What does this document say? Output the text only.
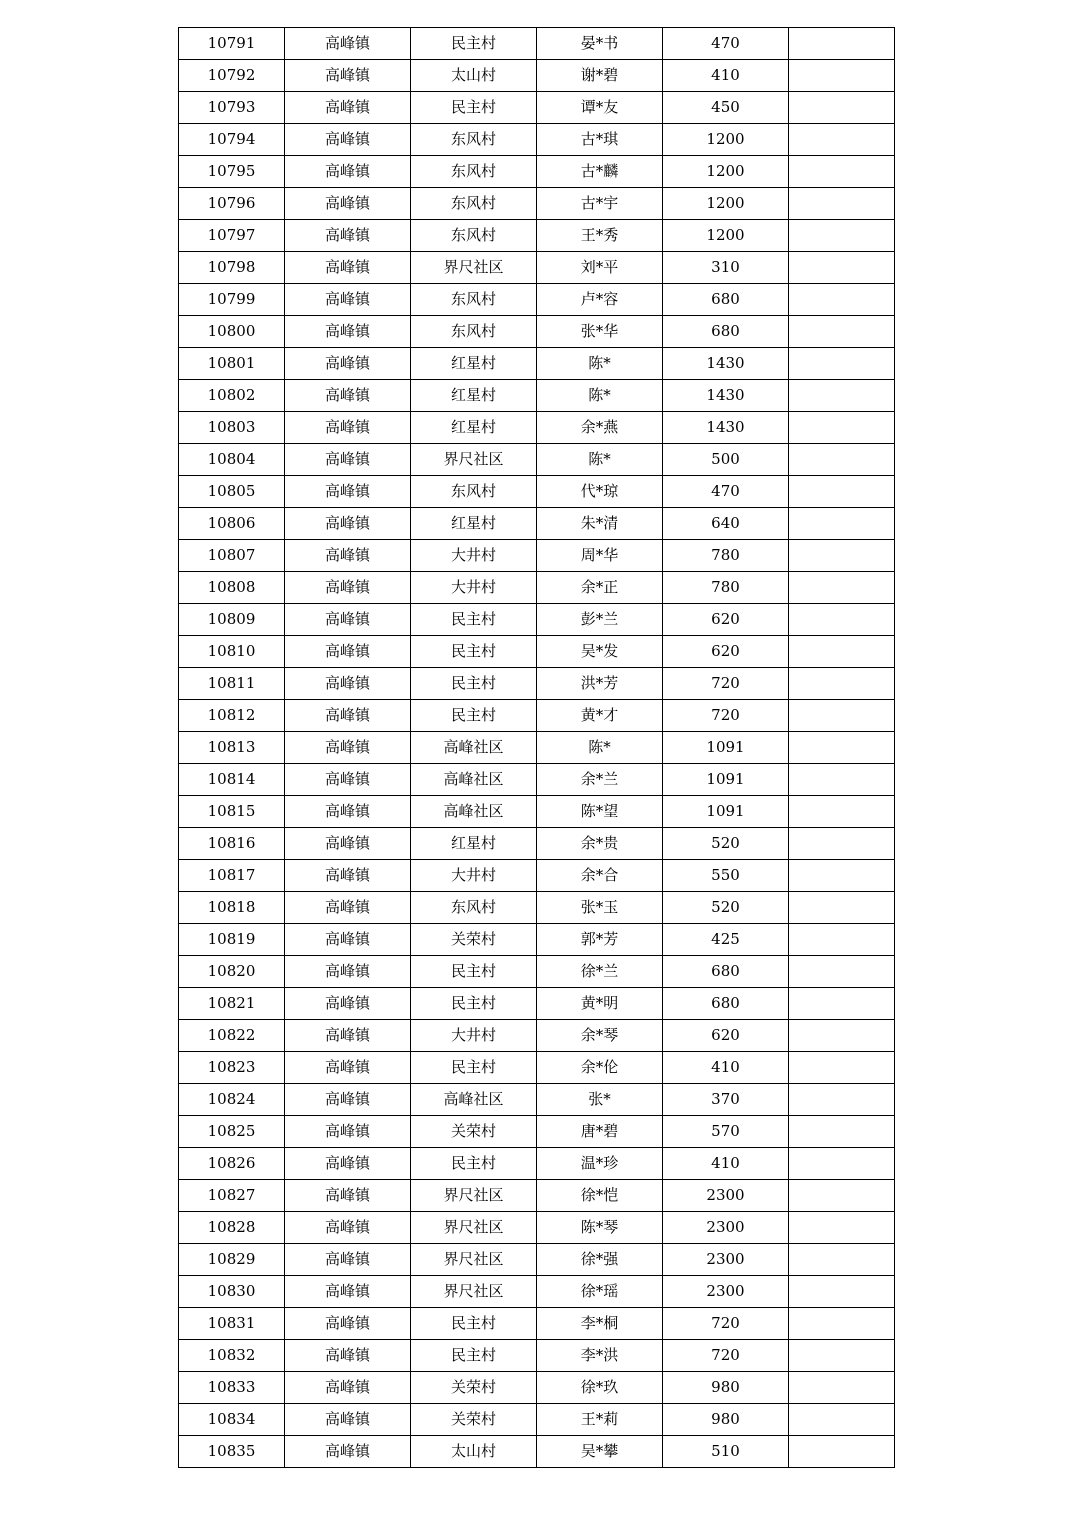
10791	高峰镇	民主村	晏*书	470	
10792	高峰镇	太山村	谢*碧	410	
10793	高峰镇	民主村	谭*友	450	
10794	高峰镇	东风村	古*琪	1200	
10795	高峰镇	东风村	古*麟	1200	
10796	高峰镇	东风村	古*宇	1200	
10797	高峰镇	东风村	王*秀	1200	
10798	高峰镇	界尺社区	刘*平	310	
10799	高峰镇	东风村	卢*容	680	
10800	高峰镇	东风村	张*华	680	
10801	高峰镇	红星村	陈*	1430	
10802	高峰镇	红星村	陈*	1430	
10803	高峰镇	红星村	余*燕	1430	
10804	高峰镇	界尺社区	陈*	500	
10805	高峰镇	东风村	代*琼	470	
10806	高峰镇	红星村	朱*清	640	
10807	高峰镇	大井村	周*华	780	
10808	高峰镇	大井村	余*正	780	
10809	高峰镇	民主村	彭*兰	620	
10810	高峰镇	民主村	吴*发	620	
10811	高峰镇	民主村	洪*芳	720	
10812	高峰镇	民主村	黄*才	720	
10813	高峰镇	高峰社区	陈*	1091	
10814	高峰镇	高峰社区	余*兰	1091	
10815	高峰镇	高峰社区	陈*望	1091	
10816	高峰镇	红星村	余*贵	520	
10817	高峰镇	大井村	余*合	550	
10818	高峰镇	东风村	张*玉	520	
10819	高峰镇	关荣村	郭*芳	425	
10820	高峰镇	民主村	徐*兰	680	
10821	高峰镇	民主村	黄*明	680	
10822	高峰镇	大井村	余*琴	620	
10823	高峰镇	民主村	余*伦	410	
10824	高峰镇	高峰社区	张*	370	
10825	高峰镇	关荣村	唐*碧	570	
10826	高峰镇	民主村	温*珍	410	
10827	高峰镇	界尺社区	徐*恺	2300	
10828	高峰镇	界尺社区	陈*琴	2300	
10829	高峰镇	界尺社区	徐*强	2300	
10830	高峰镇	界尺社区	徐*瑶	2300	
10831	高峰镇	民主村	李*桐	720	
10832	高峰镇	民主村	李*洪	720	
10833	高峰镇	关荣村	徐*玖	980	
10834	高峰镇	关荣村	王*莉	980	
10835	高峰镇	太山村	吴*攀	510	
